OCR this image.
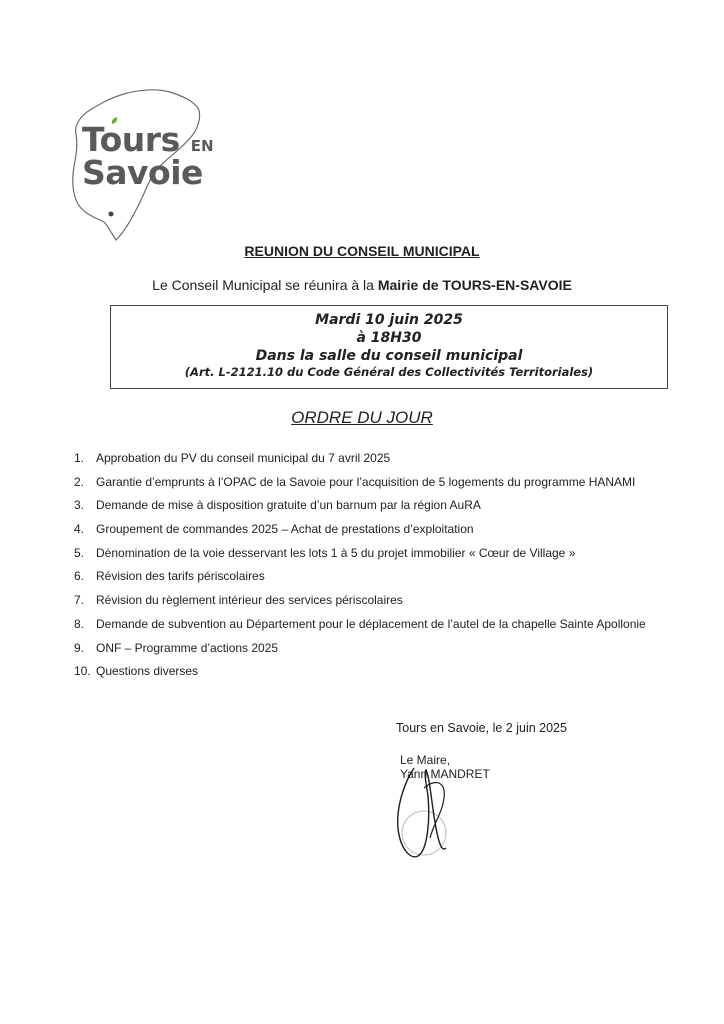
Tours EN
Savoie
REUNION DU CONSEIL MUNICIPAL
Le Conseil Municipal se réunira à la Mairie de TOURS-EN-SAVOIE
Mardi 10 juin 2025
à 18H30
Dans la salle du conseil municipal
(Art. L-2121.10 du Code Général des Collectivités Territoriales)
ORDRE DU JOUR
1. Approbation du PV du conseil municipal du 7 avril 2025
2. Garantie d’emprunts à l’OPAC de la Savoie pour l’acquisition de 5 logements du programme HANAMI
3. Demande de mise à disposition gratuite d’un barnum par la région AuRA
4. Groupement de commandes 2025 – Achat de prestations d’exploitation
5. Dénomination de la voie desservant les lots 1 à 5 du projet immobilier « Cœur de Village »
6. Révision des tarifs périscolaires
7. Révision du règlement intérieur des services périscolaires
8. Demande de subvention au Département pour le déplacement de l’autel de la chapelle Sainte Apollonie
9. ONF – Programme d’actions 2025
10. Questions diverses
Tours en Savoie, le 2 juin 2025
Le Maire,
Yann MANDRET
